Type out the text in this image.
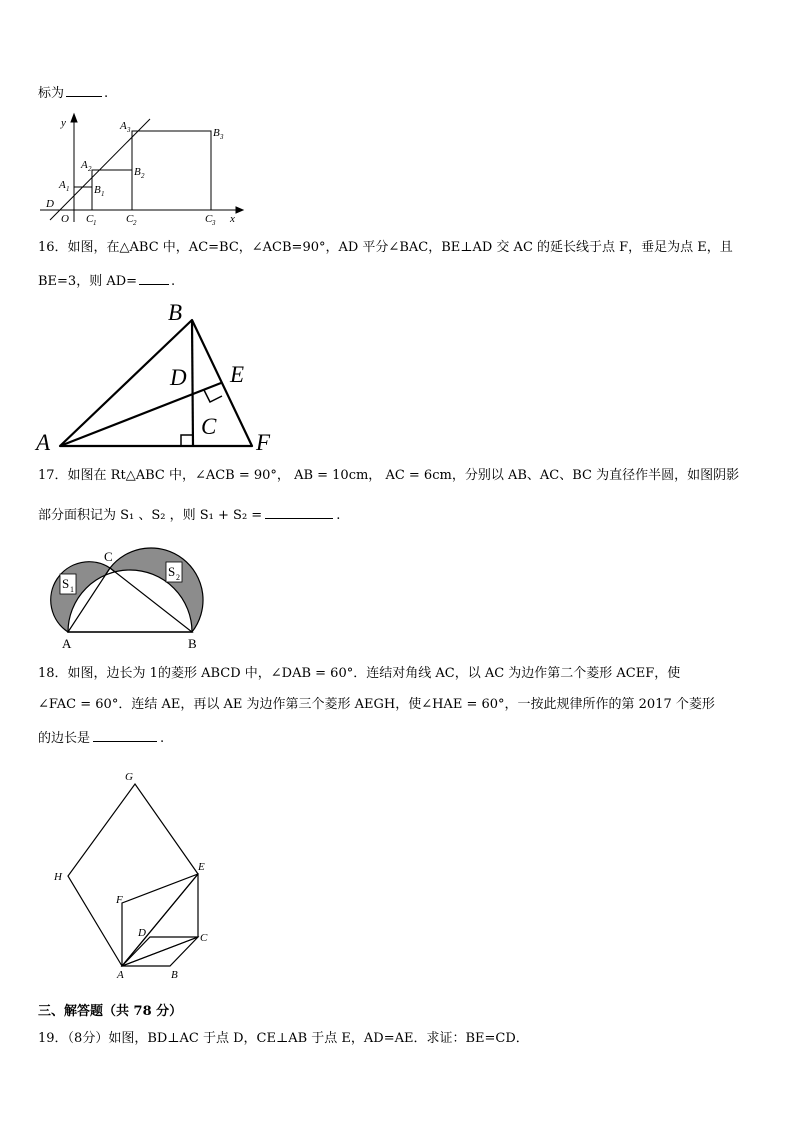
标为	.
y
x
O
D
A 1
A 2
A 3
B 1
B 2
B 3
C 1	C 2	C 3
16．如图，在△ABC 中，AC=BC，∠ACB=90°，AD 平分∠BAC，BE⊥AD 交 AC 的延长线于点 F，垂足为点 E，且
BE=3，则 AD=	.
A
B
C
D E
F
17．如图在 Rt△ABC 中，∠ACB = 90°， AB = 10cm， AC = 6cm，分别以 AB、AC、BC 为直径作半圆，如图阴影
部分面积记为 S₁ 、S₂ ，则 S₁ + S₂ =	.
S 1
S 2
C
A	B
18．如图，边长为 1的菱形 ABCD 中，∠DAB = 60°．连结对角线 AC，以 AC 为边作第二个菱形 ACEF，使
∠FAC = 60°．连结 AE，再以 AE 为边作第三个菱形 AEGH，使∠HAE = 60°，一按此规律所作的第 2017 个菱形
的边长是	.
A	B
C
D
E
F
G
H
三、解答题（共 78 分）
19．（8分）如图，BD⊥AC 于点 D，CE⊥AB 于点 E，AD=AE．求证：BE=CD．
